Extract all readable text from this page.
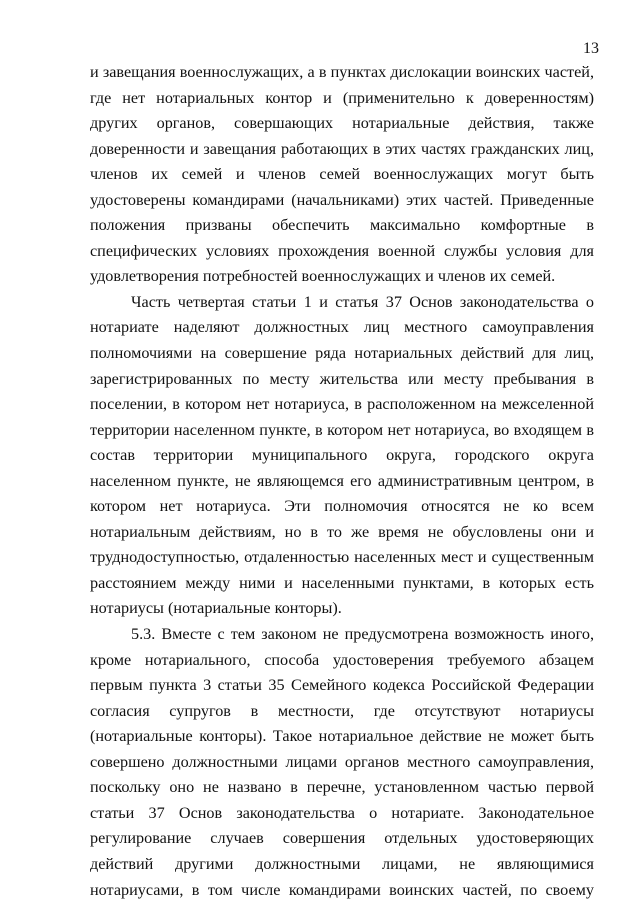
13

и завещания военнослужащих, а в пунктах дислокации воинских частей, где нет нотариальных контор и (применительно к доверенностям) других органов, совершающих нотариальные действия, также доверенности и завещания работающих в этих частях гражданских лиц, членов их семей и членов семей военнослужащих могут быть удостоверены командирами (начальниками) этих частей. Приведенные положения призваны обеспечить максимально комфортные в специфических условиях прохождения военной службы условия для удовлетворения потребностей военнослужащих и членов их семей.

Часть четвертая статьи 1 и статья 37 Основ законодательства о нотариате наделяют должностных лиц местного самоуправления полномочиями на совершение ряда нотариальных действий для лиц, зарегистрированных по месту жительства или месту пребывания в поселении, в котором нет нотариуса, в расположенном на межселенной территории населенном пункте, в котором нет нотариуса, во входящем в состав территории муниципального округа, городского округа населенном пункте, не являющемся его административным центром, в котором нет нотариуса. Эти полномочия относятся не ко всем нотариальным действиям, но в то же время не обусловлены они и труднодоступностью, отдаленностью населенных мест и существенным расстоянием между ними и населенными пунктами, в которых есть нотариусы (нотариальные конторы).

5.3. Вместе с тем законом не предусмотрена возможность иного, кроме нотариального, способа удостоверения требуемого абзацем первым пункта 3 статьи 35 Семейного кодекса Российской Федерации согласия супругов в местности, где отсутствуют нотариусы (нотариальные конторы). Такое нотариальное действие не может быть совершено должностными лицами органов местного самоуправления, поскольку оно не названо в перечне, установленном частью первой статьи 37 Основ законодательства о нотариате. Законодательное регулирование случаев совершения отдельных удостоверяющих действий другими должностными лицами, не являющимися нотариусами, в том числе командирами воинских частей, по своему
